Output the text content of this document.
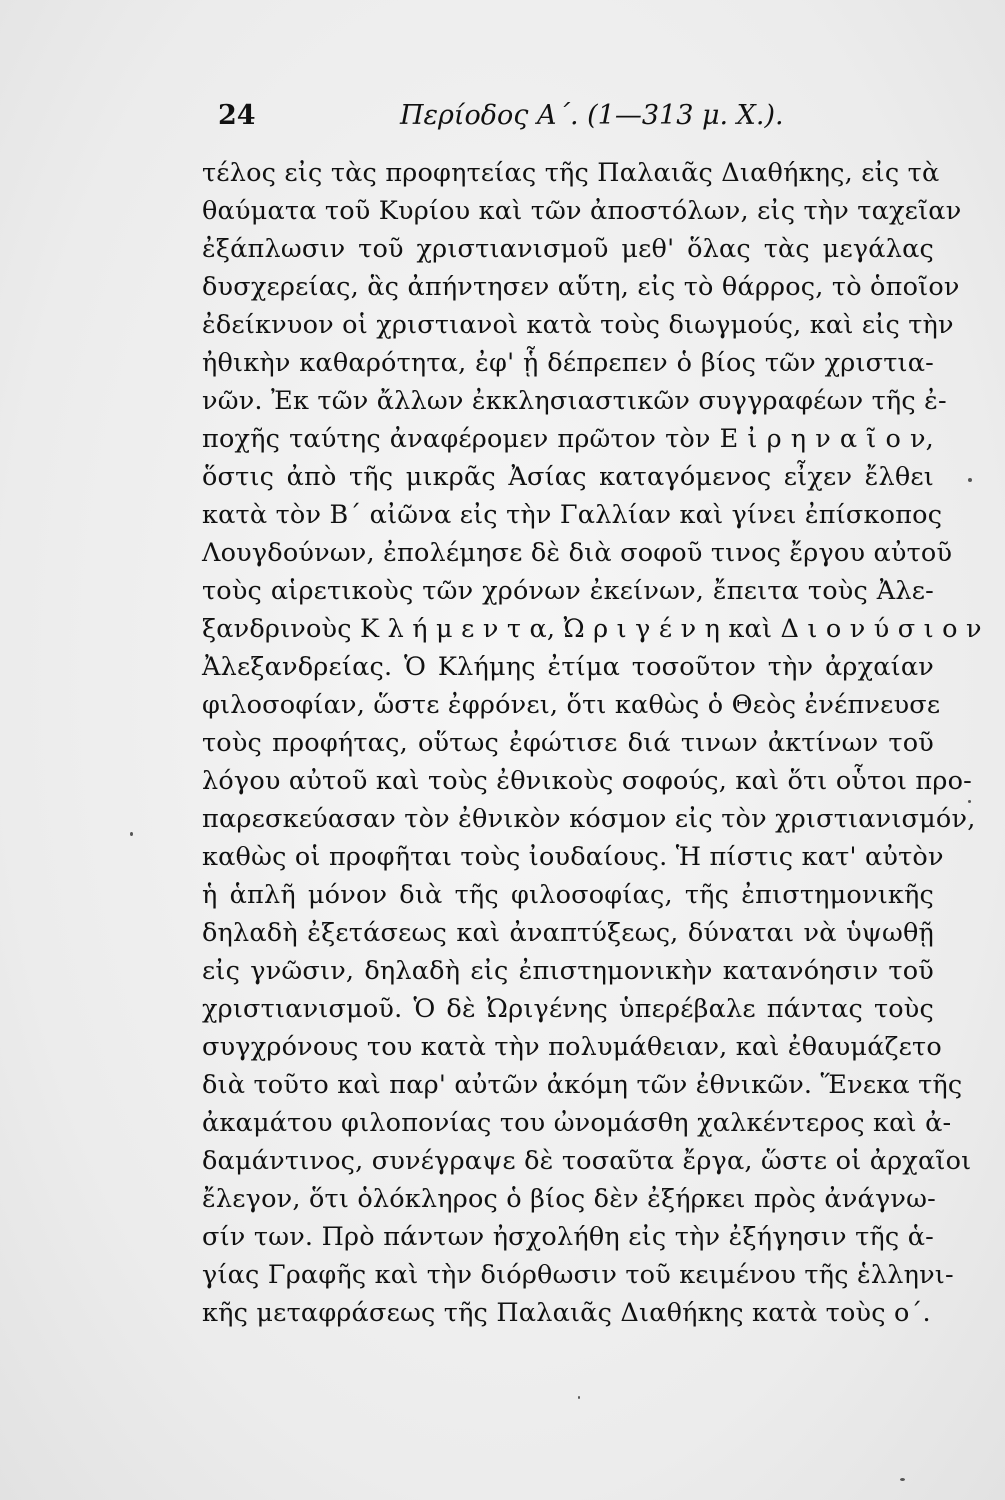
24	Περίοδος Α΄. (1—313 μ. Χ.).
τέλος εἰς τὰς προφητείας τῆς Παλαιᾶς Διαθήκης, εἰς τὰ
θαύματα τοῦ Κυρίου καὶ τῶν ἀποστόλων, εἰς τὴν ταχεῖαν
ἐξάπλωσιν τοῦ χριστιανισμοῦ μεθ' ὅλας τὰς μεγάλας
δυσχερείας, ἃς ἀπήντησεν αὕτη, εἰς τὸ θάρρος, τὸ ὁποῖον
ἐδείκνυον οἱ χριστιανοὶ κατὰ τοὺς διωγμούς, καὶ εἰς τὴν
ἠθικὴν καθαρότητα, ἐφ' ᾗ δέπρεπεν ὁ βίος τῶν χριστια-
νῶν. Ἐκ τῶν ἄλλων ἐκκλησιαστικῶν συγγραφέων τῆς ἐ-
ποχῆς ταύτης ἀναφέρομεν πρῶτον τὸν Ε ἰ ρ η ν α ῖ ο ν,
ὅστις ἀπὸ τῆς μικρᾶς Ἀσίας καταγόμενος εἶχεν ἔλθει
κατὰ τὸν Β΄ αἰῶνα εἰς τὴν Γαλλίαν καὶ γίνει ἐπίσκοπος
Λουγδούνων, ἐπολέμησε δὲ διὰ σοφοῦ τινος ἔργου αὐτοῦ
τοὺς αἱρετικοὺς τῶν χρόνων ἐκείνων, ἔπειτα τοὺς Ἀλε-
ξανδρινοὺς Κ λ ή μ ε ν τ α, Ὠ ρ ι γ έ ν η καὶ Δ ι ο ν ύ σ ι ο ν
Ἀλεξανδρείας. Ὁ Κλήμης ἐτίμα τοσοῦτον τὴν ἀρχαίαν
φιλοσοφίαν, ὥστε ἐφρόνει, ὅτι καθὼς ὁ Θεὸς ἐνέπνευσε
τοὺς προφήτας, οὕτως ἐφώτισε διά τινων ἀκτίνων τοῦ
λόγου αὐτοῦ καὶ τοὺς ἐθνικοὺς σοφούς, καὶ ὅτι οὗτοι προ-
παρεσκεύασαν τὸν ἐθνικὸν κόσμον εἰς τὸν χριστιανισμόν,
καθὼς οἱ προφῆται τοὺς ἰουδαίους. Ἡ πίστις κατ' αὐτὸν
ἡ ἁπλῆ μόνον διὰ τῆς φιλοσοφίας, τῆς ἐπιστημονικῆς
δηλαδὴ ἐξετάσεως καὶ ἀναπτύξεως, δύναται νὰ ὑψωθῇ
εἰς γνῶσιν, δηλαδὴ εἰς ἐπιστημονικὴν κατανόησιν τοῦ
χριστιανισμοῦ. Ὁ δὲ Ὠριγένης ὑπερέβαλε πάντας τοὺς
συγχρόνους του κατὰ τὴν πολυμάθειαν, καὶ ἐθαυμάζετο
διὰ τοῦτο καὶ παρ' αὐτῶν ἀκόμη τῶν ἐθνικῶν. Ἕνεκα τῆς
ἀκαμάτου φιλοπονίας του ὠνομάσθη χαλκέντερος καὶ ἀ-
δαμάντινος, συνέγραψε δὲ τοσαῦτα ἔργα, ὥστε οἱ ἀρχαῖοι
ἔλεγον, ὅτι ὁλόκληρος ὁ βίος δὲν ἐξήρκει πρὸς ἀνάγνω-
σίν των. Πρὸ πάντων ἠσχολήθη εἰς τὴν ἐξήγησιν τῆς ἁ-
γίας Γραφῆς καὶ τὴν διόρθωσιν τοῦ κειμένου τῆς ἑλληνι-
κῆς μεταφράσεως τῆς Παλαιᾶς Διαθήκης κατὰ τοὺς ο΄.
